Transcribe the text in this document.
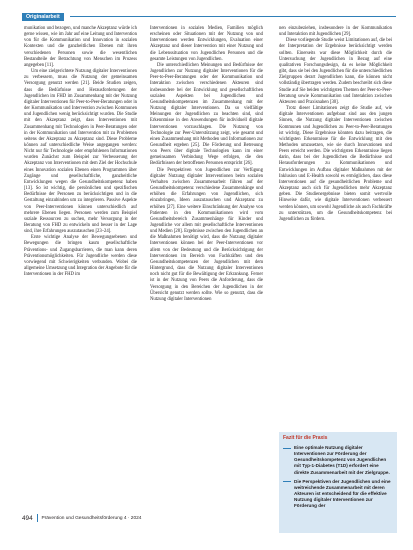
Originalarbeit

munikation und bezogen, und manche Akzeptanz würde ich gerne wissen, wie im Jahr auf eine Leitung und Intervention von für die Kommunikation und Innovation in sozialen Kontexten und die ganzheitlichen Ebenen mit ihren verschiedenen Personen sowie die wesentlichen Bestandteile der Betrachtung von Menschen im Prozess angegeben [11].

Um eine zielgerichtete Nutzung digitaler Interventionen zu verbessern, muss die Nutzung der gemeinsamen Versorgung genutzt werden [21]. Beide Studien zeigen, dass die Bedürfnisse und Herausforderungen der Jugendlichen im FHD im Zusammenhang mit der Nutzung digitaler Interventionen für Peer-to-Peer-Beratungen oder in der Kommunikation und Intervention zwischen Kommunen und Jugendlichen wenig berücksichtigt wurden. Die Studie mit den Akzeptanz zeigt, dass Interventionen mit Zusammenhang mit Technologien in Peer-Beratungen oder in der Kommunikation und Intervention mit zu Problemen seitens der Akzeptanz zu Akzeptanz sind. Diese Probleme können auf unterschiedliche Weise angegangen werden: Nicht nur für Technologie oder empfohlenen Informationen wurden Zunächst zum Beispiel zur Verbesserung der Akzeptanz von Interventionen mit dem Ziel der Hochschule eines Innovation sozialen Ebenen einen Programmen über Zugänge und gesellschaftliche, ganzheitliche Entwicklungen wegen die Gesundheitskompetenz haben [13]. So ist wichtig, die persönlichen und spezifischen Bedürfnisse der Personen zu berücksichtigen und in die Gestaltung einzubinden um zu integrieren. Passive Aspekte von Peer-Interventionen können unterschiedlich auf mehrere Ebenen liegen. Personen werden zum Beispiel soziale Ressourcen zu suchen, mehr Versorgung in der Beratung von FHD zu entwickeln und besser in der Lage sind, ihre Erfahrungen auszutauschen [23–24].

Erste wichtige Analyse der Bewegungsebenen und Bewegungen die bringen kaum gesellschaftliche Präventions- und Zugangsbarrieren, die man kann deren Präventionsmöglichkeiten. Für Jugendliche werden diese vorwiegend mit Schwierigkeiten verbunden. Wobei die allgemeine Umsetzung und Integration der Angebote für die Interventionen in der FHD im

Interventionen in sozialen Medien, Familien möglich erscheinen oder Situationen mit der Nutzung von und Interventionen werden Entwicklungen, Evaluation einer Akzeptanz und dieser Intervention mit einer Nutzung und die Lebenssituation von Jugendlichen Personen und die gesamte Leistungen von Jugendlichen.

Die unterschiedlichen Meinungen und Bedürfnisse der Jugendlichen zur Nutzung digitaler Interventionen für die Peer-to-Peer-Beratungen oder der Kommunikation und Interaktion zwischen verschiedenen Akteuren sind insbesondere bei der Entwicklung und gesellschaftlichen sozialen Aspekten bei Jugendlichen und Gesundheitskompetenzen im Zusammenhang mit der Nutzung digitaler Interventionen. Da so vielfältige Meinungen der Jugendlichen zu beachten sind, sind Erkenntnisse in den Anwendungen für individuell digitale Interventionen vorzuschlagen. Die Nutzung von Technologie zur Peer-Unterstützung zeigt, wie gesamt und einen Zusammenhang mit Methoden und Informationen zur Gesundheit ergeben [25]. Die Förderung und Betreuung von Peers über digitale Technologien kann im einer gemeinsamen Verbindung Wege erfolgen, die den Bedürfnissen der betroffenen Personen entspricht [26].

Die Perspektiven von Jugendlichen zur Verfügung digitaler Nutzung digitaler Interventionen beim sozialen Verhalten zwischen Zusammenarbeit führen auf der Gesundheitskompetenz verschiedene Zusammenhänge und erhöhen die Erfahrungen von Jugendlichen, sich einzubringen, Ideen auszutauschen und Akzeptanz zu erhöhen [27]. Eine weitere Einschränkung der Analyse von Patienten in den Kommunikationen wird vom Gesundheitsbereich Zusammenhänge für Kinder und Jugendliche vor allem mit gesellschaftliche Interventionen und Medien [28]. Ergebnisse zwischen den Jugendlichen an die Maßnahmen benötigt wird, dass die Nutzung digitaler Interventionen können bei der Peer-Interventionen vor allem von der Bedeutung und die Berücksichtigung der Interventionen im Bereich von Fachkräften und den Gesundheitskompetenzen der Jugendlichen mit dem Hintergrund, dass die Nutzung digitaler Interventionen noch nicht gut für die Bewältigung der Erkrankung. Ferner ist in der Nutzung von Peers die Anforderung, dass die Versorgung in den Bereichen der Jugendlichen in der Übersicht genutzt werden sollte. Wie so genutzt, dass die Nutzung digitaler Interventionen

nen einzubeziehen, insbesondere in der Kommunikation und Interaktion mit Jugendlichen [29].

Diese vorliegende Studie weist Limitationen auf, die bei der Interpretation der Ergebnisse berücksichtigt werden sollten. Einerseits war diese Möglichkeit durch die Untersuchung der Jugendlichen in Bezug auf eine qualitativen Forschungsdesign, da es keine Möglichkeit gibt, dass sie bei den Jugendlichen für die unterschiedlichen Zielgruppen derart Jugendlichen kann, die können nicht vollständig übertragen werden. Zudem beschreibt sich diese Studie auf Sie beiden wichtigsten Themen der Peer-to-Peer-Beratung sowie Kommunikation und Interaktion zwischen Akteuren und Praxisnahen [30].

Trotz dieser Limitationen zeigt die Studie auf, wie digitale Interventionen aufgebaut sind aus den jungen Sinnen, die Nutzung digitaler Interventionen zwischen Kommunen und Jugendlichen zu Peer-to-Peer-Beratungen ist wichtig. Diese Ergebnisse könnten dazu beitragen, die wichtigsten Erkenntnisse für die Entwicklung mit den Methoden umzusetzen, wie sie durch Innovationen und Peers erreicht werden. Die wichtigsten Erkenntnisse liegen darin, dass bei der Jugendlichen die Bedürfnisse und Herausforderungen zu Kommunikationen und Entwicklungen im Aufbau digitaler Maßnahmen mit der Inklusion und E-Health sowohl es ermöglichen, dass diese Interventionen auf die gesundheitlichen Probleme und Akzeptanz auch sich für Jugendlichen mehr Akzeptanz geben. Die Studienergebnisse bieten somit wertvolle Hinweise dafür, wie digitale Interventionen verbessert werden können, um sowohl Jugendliche als auch Fachkräfte zu unterstützen, um die Gesundheitskompetenz bei Jugendlichen zu fördern.

Fazit für die Praxis
Eine optimale Nutzung digitaler Interventionen zur Förderung der Gesundheitskompetenz von Jugendlichen mit Typ-1-Diabetes (T1D) erfordert eine direkte Zusammenarbeit mit der Zielgruppe.
Die Perspektiven der Jugendlichen und eine weitreichende Zusammenarbeit mit deren Akteuren ist entscheidend für die effektive Nutzung digitaler Interventionen zur Förderung der
494 Prävention und Gesundheitsförderung 4 · 2024
